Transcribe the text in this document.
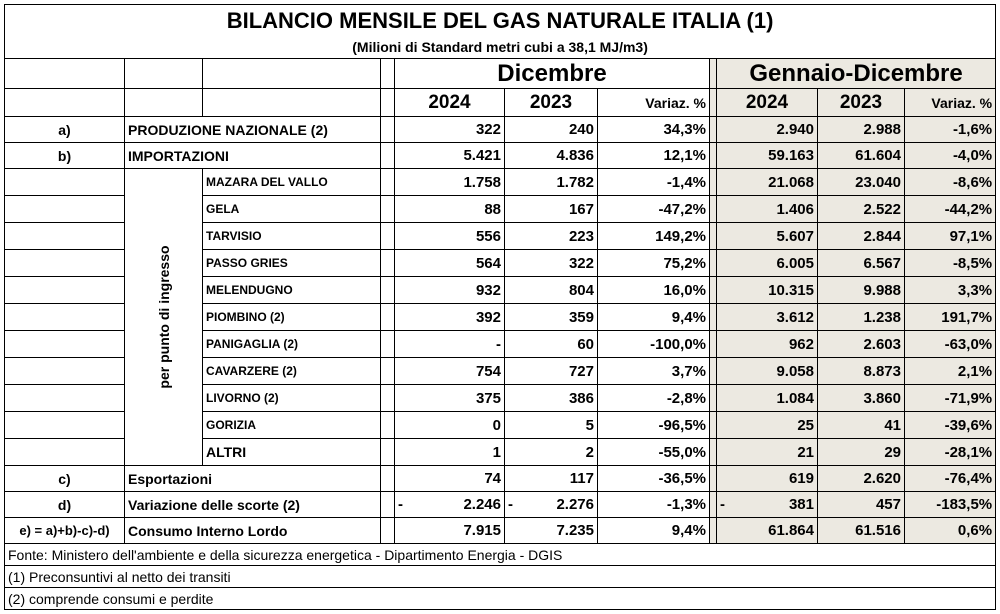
BILANCIO MENSILE DEL GAS NATURALE ITALIA (1)										
(Milioni di Standard metri cubi a 38,1 MJ/m3)										
				Dicembre				Gennaio-Dicembre		
				2024	2023	Variaz. %		2024	2023	Variaz. %
a)	PRODUZIONE NAZIONALE (2)			322	240	34,3%		2.940	2.988	-1,6%
b)	IMPORTAZIONI			5.421	4.836	12,1%		59.163	61.604	-4,0%

	per punto di ingresso	MAZARA DEL VALLO		1.758	1.782	-1,4%		21.068	23.040	-8,6%
		GELA		88	167	-47,2%		1.406	2.522	-44,2%
		TARVISIO		556	223	149,2%		5.607	2.844	97,1%
		PASSO GRIES		564	322	75,2%		6.005	6.567	-8,5%
		MELENDUGNO		932	804	16,0%		10.315	9.988	3,3%
		PIOMBINO (2)		392	359	9,4%		3.612	1.238	191,7%
		PANIGAGLIA (2)		-	60	-100,0%		962	2.603	-63,0%
		CAVARZERE (2)		754	727	3,7%		9.058	8.873	2,1%
		LIVORNO (2)		375	386	-2,8%		1.084	3.860	-71,9%
		GORIZIA		0	5	-96,5%		25	41	-39,6%
		ALTRI		1	2	-55,0%		21	29	-28,1%
c)	Esportazioni			74	117	-36,5%		619	2.620	-76,4%
d)	Variazione delle scorte (2)			- 2.246	- 2.276	-1,3%		- 381	457	-183,5%
e) = a)+b)-c)-d)	Consumo Interno Lordo			7.915	7.235	9,4%		61.864	61.516	0,6%
Fonte: Ministero dell'ambiente e della sicurezza energetica - Dipartimento Energia - DGIS										
(1) Preconsuntivi al netto dei transiti										
(2) comprende consumi e perdite										
